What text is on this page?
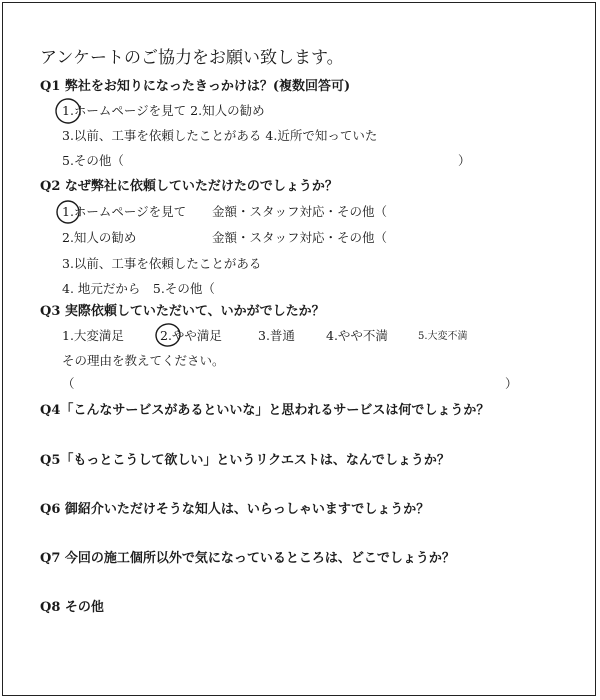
アンケートのご協力をお願い致します。
Q1 弊社をお知りになったきっかけは？(複数回答可)
1.ホームページを見て 2.知人の勧め
3.以前、工事を依頼したことがある 4.近所で知っていた
5.その他（	）
Q2 なぜ弊社に依頼していただけたのでしょうか？
1.ホームページを見て 金額・スタッフ対応・その他（
2.知人の勧め	金額・スタッフ対応・その他（
3.以前、工事を依頼したことがある
4. 地元だから　5.その他（
Q3 実際依頼していただいて、いかがでしたか？
1.大変満足	2.やや満足	3.普通 4.やや不満	5.大変不満
その理由を教えてください。
（	）
Q4「こんなサービスがあるといいな」と思われるサービスは何でしょうか？
Q5「もっとこうして欲しい」というリクエストは、なんでしょうか？
Q6 御紹介いただけそうな知人は、いらっしゃいますでしょうか？
Q7 今回の施工個所以外で気になっているところは、どこでしょうか？
Q8 その他
